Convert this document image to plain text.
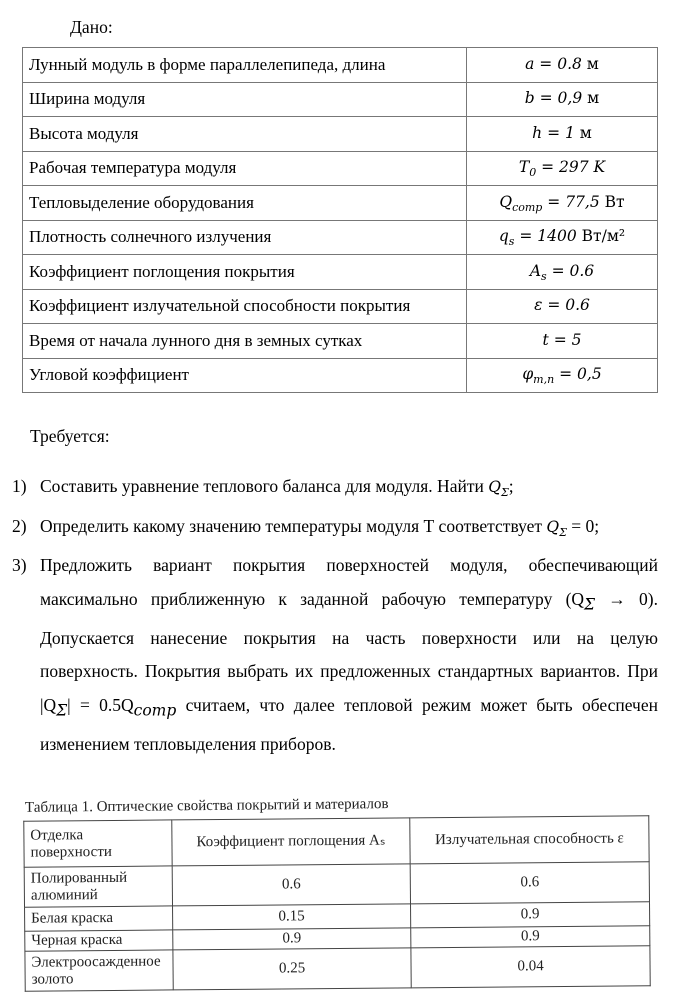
Дано:
Лунный модуль в форме параллелепипеда, длина	a = 0.8 м
Ширина модуля	b = 0,9 м
Высота модуля	h = 1 м
Рабочая температура модуля	$T_0 = 297$ K
Тепловыделение оборудования	$Q_{comp} = 77,5$ Вт
Плотность солнечного излучения	$q_s = 1400$ Вт/м²
Коэффициент поглощения покрытия	$A_s = 0.6$
Коэффициент излучательной способности покрытия	ε = 0.6
Время от начала лунного дня в земных сутках	t = 5
Угловой коэффициент	$\varphi_{m,n} = 0,5$
Требуется:
1) Составить уравнение теплового баланса для модуля. Найти $Q_\Sigma$;
2) Определить какому значению температуры модуля Т соответствует $Q_\Sigma = 0$;
3) Предложить вариант покрытия поверхностей модуля, обеспечивающий максимально приближенную к заданной рабочую температуру $(Q_\Sigma \to 0)$. Допускается нанесение покрытия на часть поверхности или на целую поверхность. Покрытия выбрать их предложенных стандартных вариантов. При $|Q_\Sigma| = 0.5Q_{comp}$ считаем, что далее тепловой режим может быть обеспечен изменением тепловыделения приборов.
Таблица 1. Оптические свойства покрытий и материалов
Отделка поверхности	Коэффициент поглощения Aₛ	Излучательная способность ε
Полированный алюминий	0.6	0.6
Белая краска	0.15	0.9
Черная краска	0.9	0.9
Электроосажденное золото	0.25	0.04
